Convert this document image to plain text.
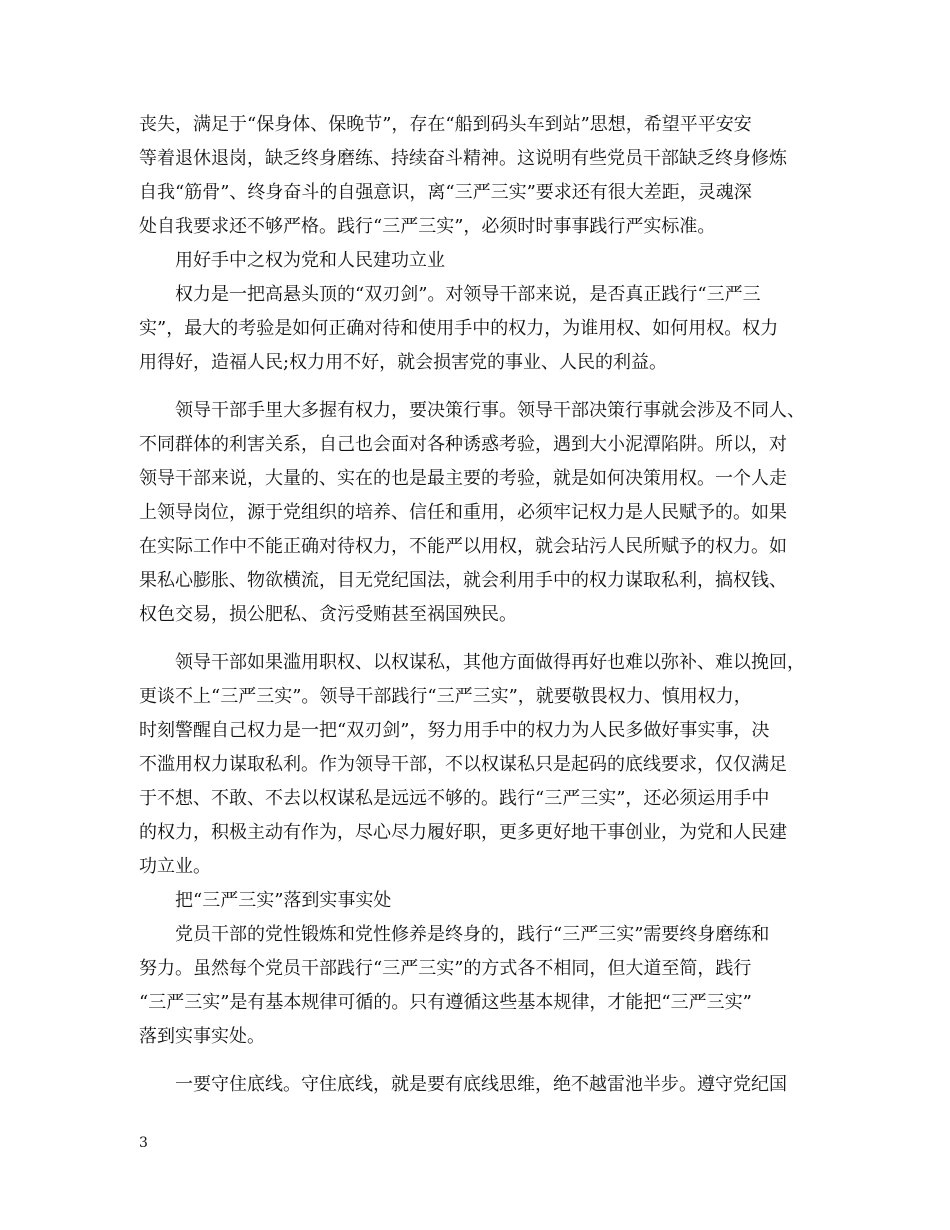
丧失，满足于“保身体、保晚节”，存在“船到码头车到站”思想，希望平平安安
等着退休退岗，缺乏终身磨练、持续奋斗精神。这说明有些党员干部缺乏终身修炼
自我“筋骨”、终身奋斗的自强意识，离“三严三实”要求还有很大差距，灵魂深
处自我要求还不够严格。践行“三严三实”，必须时时事事践行严实标准。
用好手中之权为党和人民建功立业
权力是一把高悬头顶的“双刃剑”。对领导干部来说，是否真正践行“三严三
实”，最大的考验是如何正确对待和使用手中的权力，为谁用权、如何用权。权力
用得好，造福人民;权力用不好，就会损害党的事业、人民的利益。
领导干部手里大多握有权力，要决策行事。领导干部决策行事就会涉及不同人、
不同群体的利害关系，自己也会面对各种诱惑考验，遇到大小泥潭陷阱。所以，对
领导干部来说，大量的、实在的也是最主要的考验，就是如何决策用权。一个人走
上领导岗位，源于党组织的培养、信任和重用，必须牢记权力是人民赋予的。如果
在实际工作中不能正确对待权力，不能严以用权，就会玷污人民所赋予的权力。如
果私心膨胀、物欲横流，目无党纪国法，就会利用手中的权力谋取私利，搞权钱、
权色交易，损公肥私、贪污受贿甚至祸国殃民。
领导干部如果滥用职权、以权谋私，其他方面做得再好也难以弥补、难以挽回，
更谈不上“三严三实”。领导干部践行“三严三实”，就要敬畏权力、慎用权力，
时刻警醒自己权力是一把“双刃剑”，努力用手中的权力为人民多做好事实事，决
不滥用权力谋取私利。作为领导干部，不以权谋私只是起码的底线要求，仅仅满足
于不想、不敢、不去以权谋私是远远不够的。践行“三严三实”，还必须运用手中
的权力，积极主动有作为，尽心尽力履好职，更多更好地干事创业，为党和人民建
功立业。
把“三严三实”落到实事实处
党员干部的党性锻炼和党性修养是终身的，践行“三严三实”需要终身磨练和
努力。虽然每个党员干部践行“三严三实”的方式各不相同，但大道至简，践行
“三严三实”是有基本规律可循的。只有遵循这些基本规律，才能把“三严三实”
落到实事实处。
一要守住底线。守住底线，就是要有底线思维，绝不越雷池半步。遵守党纪国
3
